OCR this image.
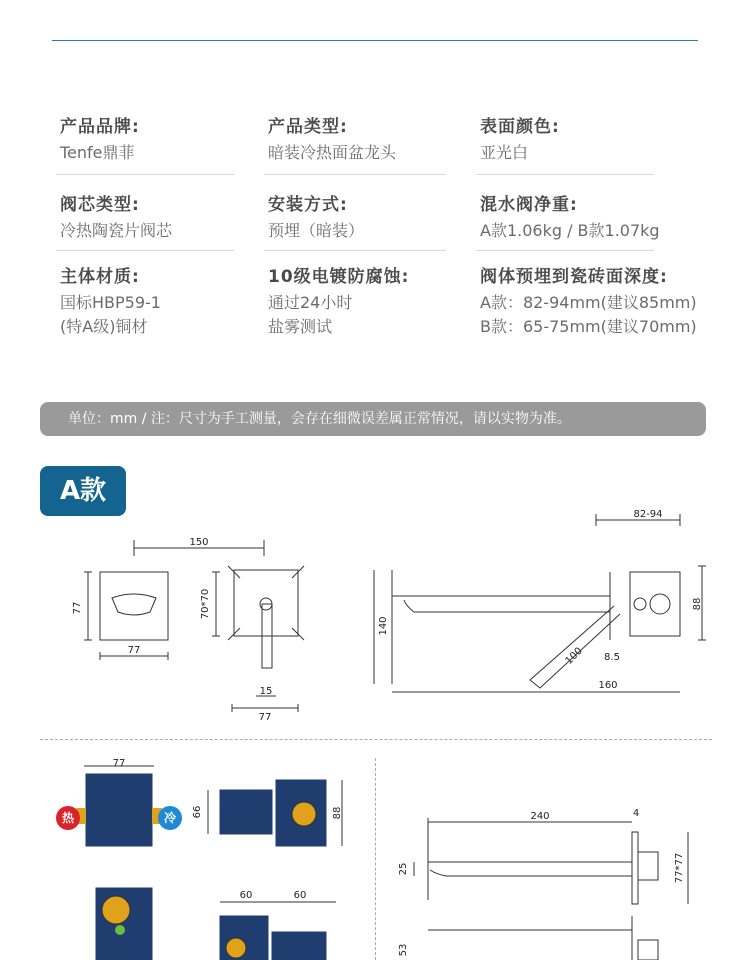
产品品牌:
Tenfe鼎菲
产品类型:
暗装冷热面盆龙头
表面颜色:
亚光白
阀芯类型:
冷热陶瓷片阀芯
安装方式:
预埋（暗装）
混水阀净重:
A款1.06kg / B款1.07kg
主体材质:
国标HBP59-1
(特A级)铜材
10级电镀防腐蚀:
通过24小时
盐雾测试
阀体预埋到瓷砖面深度:
A款：82-94mm(建议85mm)
B款：65-75mm(建议70mm)
单位：mm / 注：尺寸为手工测量，会存在细微误差属正常情况，请以实物为准。
A款
150
77
77
70*70
15
77
82-94
140
88
100 8.5
160
77
66	88
60	60
240	4
25	77*77
53
热	冷
